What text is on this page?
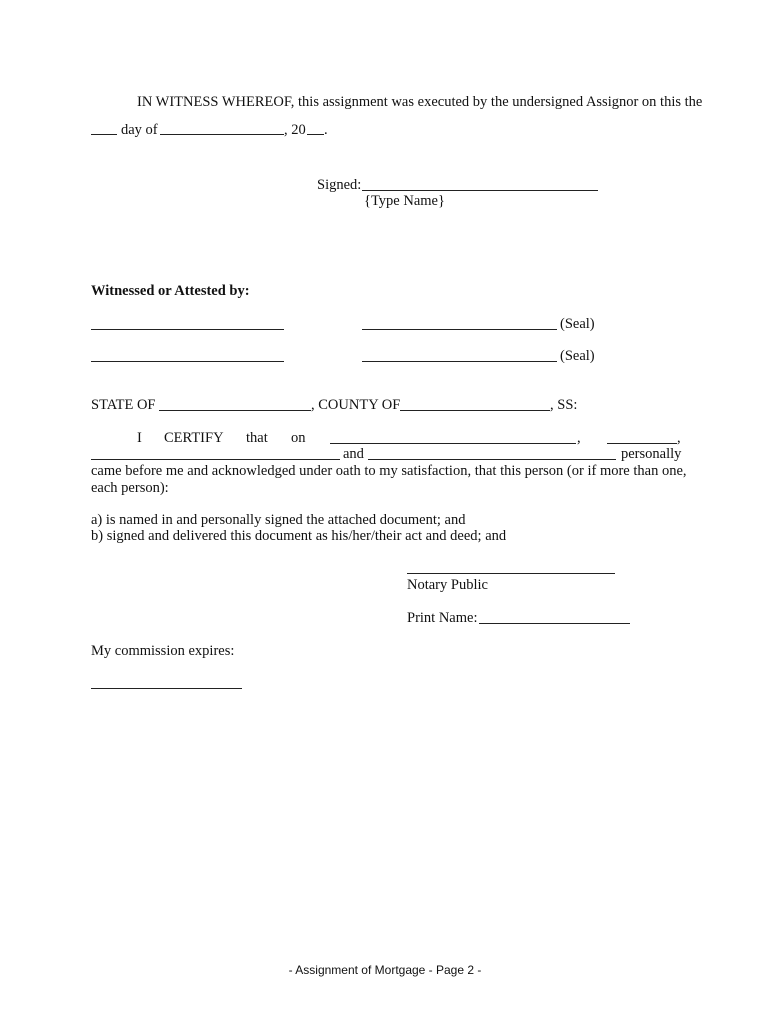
IN WITNESS WHEREOF, this assignment was executed by the undersigned Assignor on this the
day of	, 20 .
Signed:
{Type Name}
Witnessed or Attested by:
(Seal)
(Seal)
STATE OF	, COUNTY OF	, SS:
I CERTIFY that on	,	,
and	personally
came before me and acknowledged under oath to my satisfaction, that this person (or if more than one,
each person):
a) is named in and personally signed the attached document; and
b) signed and delivered this document as his/her/their act and deed; and
Notary Public
Print Name:
My commission expires:
- Assignment of Mortgage - Page 2 -
